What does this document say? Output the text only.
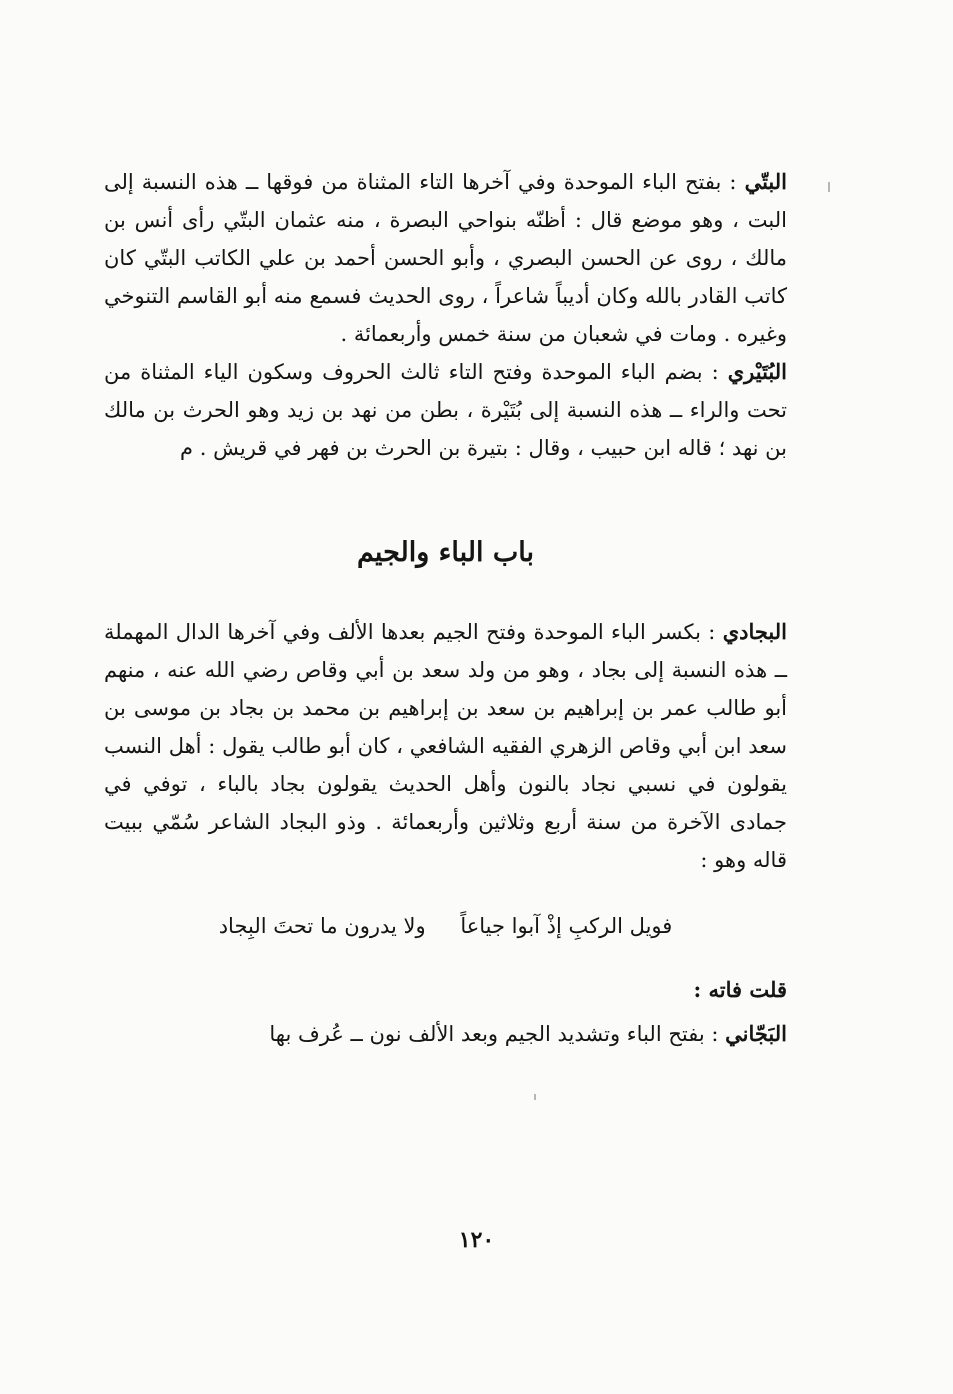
البتّي : بفتح الباء الموحدة وفي آخرها التاء المثناة من فوقها ــ هذه النسبة إلى البت ، وهو موضع قال : أظنّه بنواحي البصرة ، منه عثمان البتّي رأى أنس بن مالك ، روى عن الحسن البصري ، وأبو الحسن أحمد بن علي الكاتب البتّي كان كاتب القادر بالله وكان أديباً شاعراً ، روى الحديث فسمع منه أبو القاسم التنوخي وغيره . ومات في شعبان من سنة خمس وأربعمائة .

البُتَيْري : بضم الباء الموحدة وفتح التاء ثالث الحروف وسكون الياء المثناة من تحت والراء ــ هذه النسبة إلى بُتَيْرة ، بطن من نهد بن زيد وهو الحرث بن مالك بن نهد ؛ قاله ابن حبيب ، وقال : بتيرة بن الحرث بن فهر في قريش . م

باب الباء والجيم

البجادي : بكسر الباء الموحدة وفتح الجيم بعدها الألف وفي آخرها الدال المهملة ــ هذه النسبة إلى بجاد ، وهو من ولد سعد بن أبي وقاص رضي الله عنه ، منهم أبو طالب عمر بن إبراهيم بن سعد بن إبراهيم بن محمد بن بجاد بن موسى بن سعد ابن أبي وقاص الزهري الفقيه الشافعي ، كان أبو طالب يقول : أهل النسب يقولون في نسبي نجاد بالنون وأهل الحديث يقولون بجاد بالباء ، توفي في جمادى الآخرة من سنة أربع وثلاثين وأربعمائة . وذو البجاد الشاعر سُمّي ببيت قاله وهو :

فويل الركبِ إذْ آبوا جياعاً ولا يدرون ما تحتَ البِجاد
قلت فاته :

البَجّاني : بفتح الباء وتشديد الجيم وبعد الألف نون ــ عُرف بها

١٢٠
